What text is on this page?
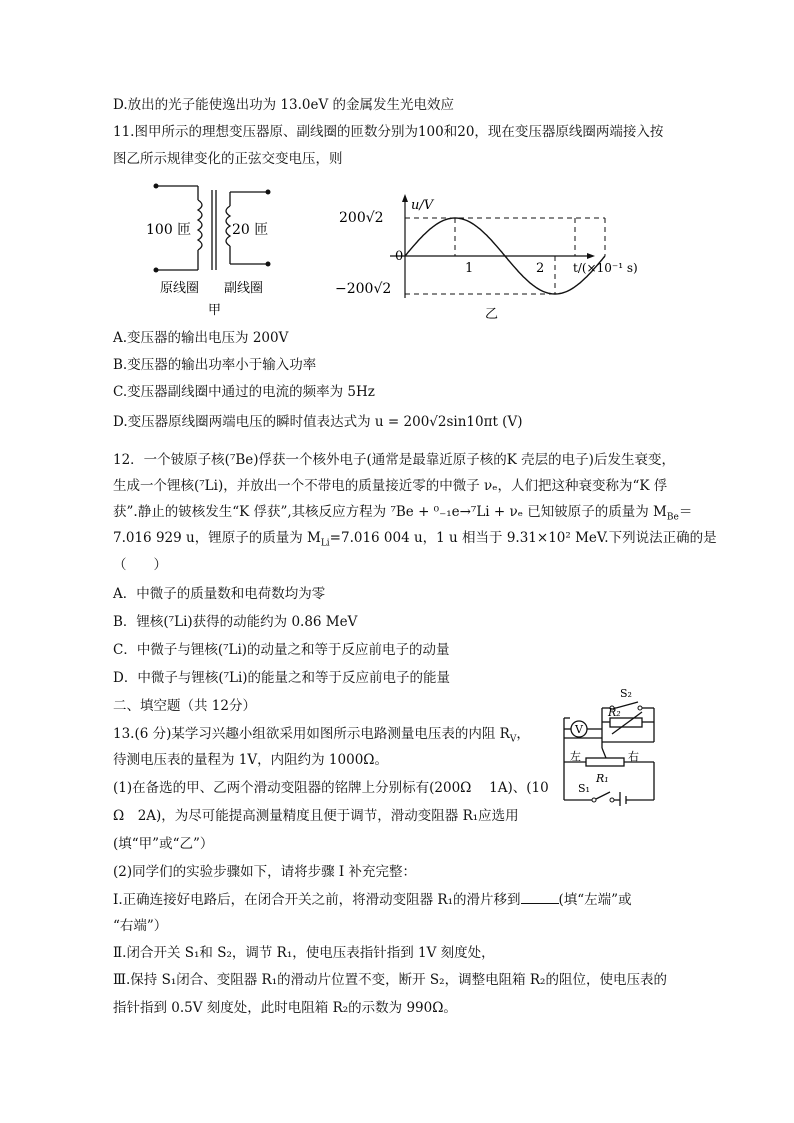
D.放出的光子能使逸出功为 13.0eV 的金属发生光电效应
11.图甲所示的理想变压器原、副线圈的匝数分别为100和20，现在变压器原线圈两端接入按
图乙所示规律变化的正弦交变电压，则
100 匝	20 匝
原线圈 副线圈
甲
200√2
−200√2
0
u/V
1	2 t/(×10⁻¹ s)
乙
A.变压器的输出电压为 200V
B.变压器的输出功率小于输入功率
C.变压器副线圈中通过的电流的频率为 5Hz
D.变压器原线圈两端电压的瞬时值表达式为 u = 200√2sin10πt (V)
12．一个铍原子核(⁷Be)俘获一个核外电子(通常是最靠近原子核的K 壳层的电子)后发生衰变，
生成一个锂核(⁷Li)，并放出一个不带电的质量接近零的中微子 νₑ，人们把这种衰变称为“K 俘
获”.静止的铍核发生“K 俘获”,其核反应方程为 ⁷Be + ⁰₋₁e→⁷Li + νₑ 已知铍原子的质量为 $M_{Be}=$
7.016 929 u，锂原子的质量为 $M_{Li}=7.016$ 004 u，1 u 相当于 9.31×10² MeV.下列说法正确的是
（　　）
A．中微子的质量数和电荷数均为零
B．锂核(⁷Li)获得的动能约为 0.86 MeV
C．中微子与锂核(⁷Li)的动量之和等于反应前电子的动量
D．中微子与锂核(⁷Li)的能量之和等于反应前电子的能量
二、填空题（共 12分）
13.(6 分)某学习兴趣小组欲采用如图所示电路测量电压表的内阻 $R_V$，
待测电压表的量程为 1V，内阻约为 1000Ω。
(1)在备选的甲、乙两个滑动变阻器的铭牌上分别标有(200Ω　 1A)、(10
Ω　2A)，为尽可能提高测量精度且便于调节，滑动变阻器 R₁应选用
(填“甲”或“乙”）
(2)同学们的实验步骤如下，请将步骤 I 补充完整：
Ⅰ.正确连接好电路后，在闭合开关之前，将滑动变阻器 R₁的滑片移到	(填“左端”或
“右端”）
Ⅱ.闭合开关 S₁和 S₂，调节 R₁，使电压表指针指到 1V 刻度处，
Ⅲ.保持 S₁闭合、变阻器 R₁的滑动片位置不变，断开 S₂，调整电阻箱 R₂的阻位，使电压表的
指针指到 0.5V 刻度处，此时电阻箱 R₂的示数为 990Ω。
V
S₂
R₂
左	右
R₁
S₁
